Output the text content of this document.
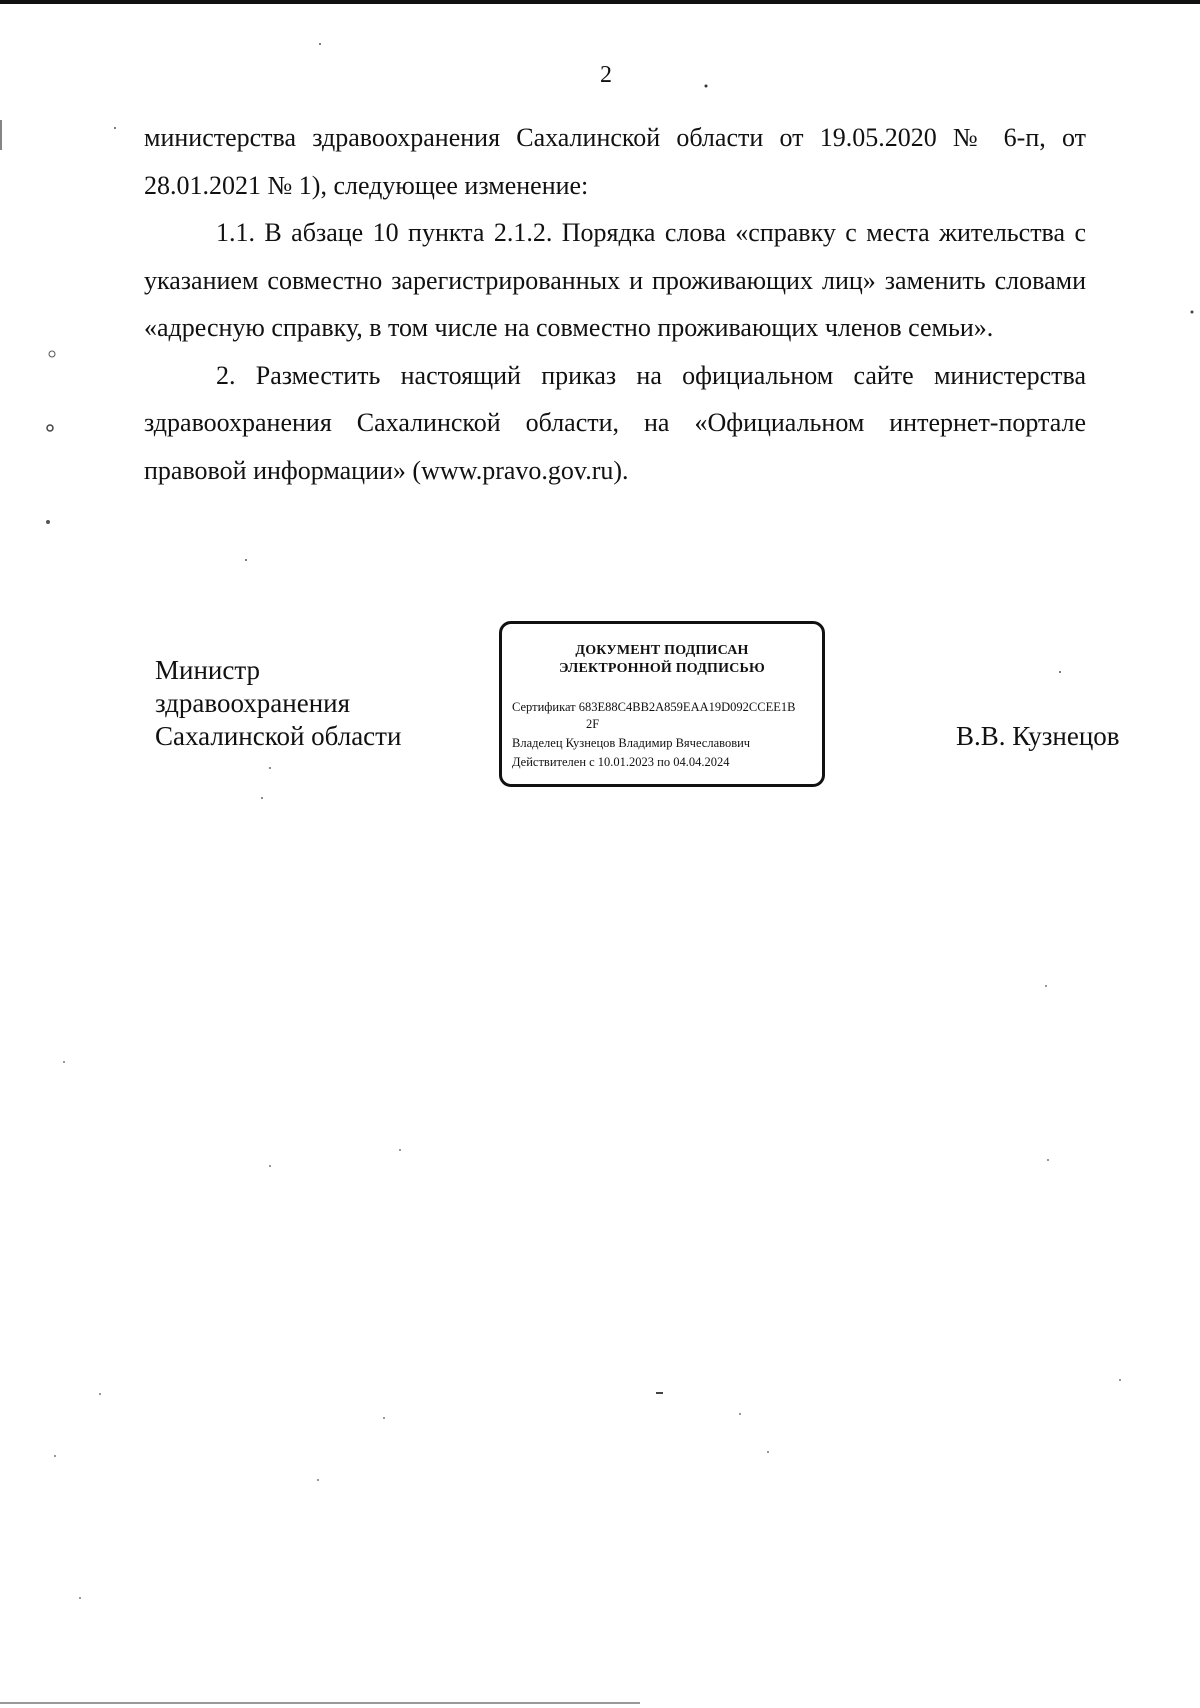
2

министерства здравоохранения Сахалинской области от 19.05.2020 № 6-п, от 28.01.2021 № 1), следующее изменение:

1.1. В абзаце 10 пункта 2.1.2. Порядка слова «справку с места жительства с указанием совместно зарегистрированных и проживающих лиц» заменить словами «адресную справку, в том числе на совместно проживающих членов семьи».

2. Разместить настоящий приказ на официальном сайте министерства здравоохранения Сахалинской области, на «Официальном интернет-портале правовой информации» (www.pravo.gov.ru).

Министр
здравоохранения
Сахалинской области
ДОКУМЕНТ ПОДПИСАН
ЭЛЕКТРОННОЙ ПОДПИСЬЮ
Сертификат 683E88C4BB2A859EAA19D092CCEE1B
2F
Владелец Кузнецов Владимир Вячеславович
Действителен с 10.01.2023 по 04.04.2024
В.В. Кузнецов
